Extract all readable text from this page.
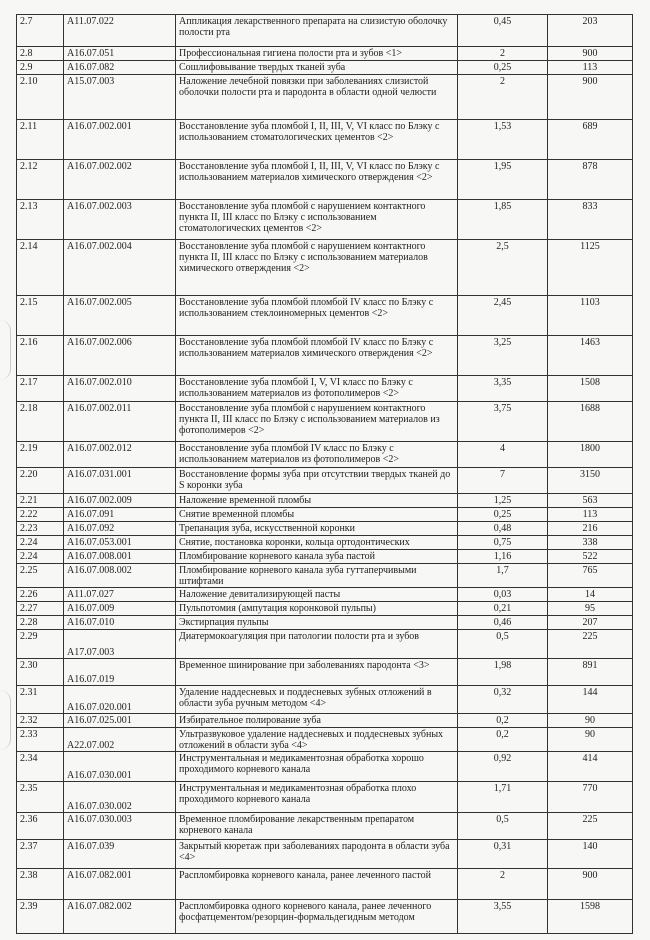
2.7	A11.07.022	Аппликация лекарственного препарата на слизистую оболочку полости рта	0,45	203
2.8	A16.07.051	Профессиональная гигиена полости рта и зубов <1>	2	900
2.9	A16.07.082	Сошлифовывание твердых тканей зуба	0,25	113
2.10	A15.07.003	Наложение лечебной повязки при заболеваниях слизистой оболочки полости рта и пародонта в области одной челюсти	2	900
2.11	A16.07.002.001	Восстановление зуба пломбой I, II, III, V, VI класс по Блэку с использованием стоматологических цементов <2>	1,53	689
2.12	A16.07.002.002	Восстановление зуба пломбой I, II, III, V, VI класс по Блэку с использованием материалов химического отверждения <2>	1,95	878
2.13	A16.07.002.003	Восстановление зуба пломбой с нарушением контактного пункта II, III класс по Блэку с использованием стоматологических цементов <2>	1,85	833
2.14	A16.07.002.004	Восстановление зуба пломбой с нарушением контактного пункта II, III класс по Блэку с использованием материалов химического отверждения <2>	2,5	1125
2.15	A16.07.002.005	Восстановление зуба пломбой пломбой IV класс по Блэку с использованием стеклоиномерных цементов <2>	2,45	1103
2.16	A16.07.002.006	Восстановление зуба пломбой пломбой IV класс по Блэку с использованием материалов химического отверждения <2>	3,25	1463
2.17	A16.07.002.010	Восстановление зуба пломбой I, V, VI класс по Блэку с использованием материалов из фотополимеров <2>	3,35	1508
2.18	A16.07.002.011	Восстановление зуба пломбой с нарушением контактного пункта II, III класс по Блэку с использованием материалов из фотополимеров <2>	3,75	1688
2.19	A16.07.002.012	Восстановление зуба пломбой IV класс по Блэку с использованием материалов из фотополимеров <2>	4	1800
2.20	A16.07.031.001	Восстановление формы зуба при отсутствии твердых тканей до S коронки зуба	7	3150
2.21	A16.07.002.009	Наложение временной пломбы	1,25	563
2.22	A16.07.091	Снятие временной пломбы	0,25	113
2.23	A16.07.092	Трепанация зуба, искусственной коронки	0,48	216
2.24	A16.07.053.001	Снятие, постановка коронки, кольца ортодонтических	0,75	338
2.24	A16.07.008.001	Пломбирование корневого канала зуба пастой	1,16	522
2.25	A16.07.008.002	Пломбирование корневого канала зуба гуттаперчивыми штифтами	1,7	765
2.26	A11.07.027	Наложение девитализирующей пасты	0,03	14
2.27	A16.07.009	Пульпотомия (ампутация коронковой пульпы)	0,21	95
2.28	A16.07.010	Экстирпация пульпы	0,46	207
2.29	A17.07.003	Диатермокоагуляция при патологии полости рта и зубов	0,5	225
2.30	A16.07.019	Временное шинирование при заболеваниях пародонта <3>	1,98	891
2.31	A16.07.020.001	Удаление наддесневых и поддесневых зубных отложений в области зуба ручным методом <4>	0,32	144
2.32	A16.07.025.001	Избирательное полирование зуба	0,2	90
2.33	A22.07.002	Ультразвуковое удаление наддесневых и поддесневых зубных отложений в области зуба <4>	0,2	90
2.34	A16.07.030.001	Инструментальная и медикаментозная обработка хорошо проходимого корневого канала	0,92	414
2.35	A16.07.030.002	Инструментальная и медикаментозная обработка плохо проходимого корневого канала	1,71	770
2.36	A16.07.030.003	Временное пломбирование лекарственным препаратом корневого канала	0,5	225
2.37	A16.07.039	Закрытый кюретаж при заболеваниях пародонта в области зуба <4>	0,31	140
2.38	A16.07.082.001	Распломбировка корневого канала, ранее леченного пастой	2	900
2.39	A16.07.082.002	Распломбировка одного корневого канала, ранее леченного фосфатцементом/резорцин-формальдегидным методом	3,55	1598
